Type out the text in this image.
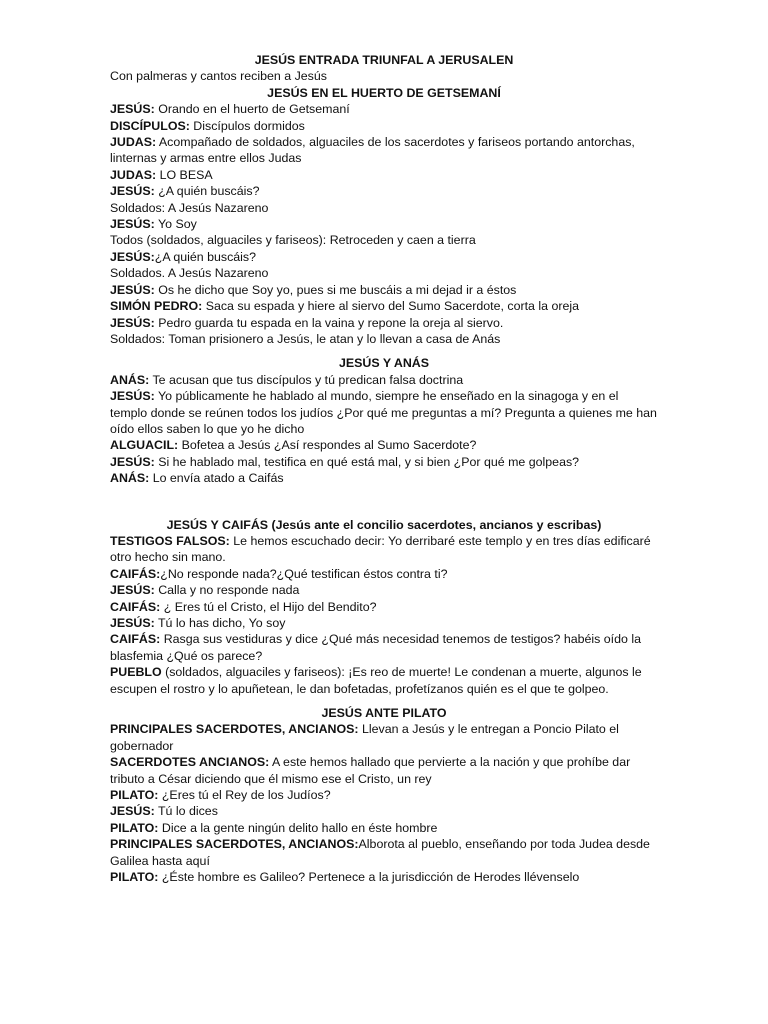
JESÚS ENTRADA TRIUNFAL A JERUSALEN

Con palmeras y cantos reciben a Jesús

JESÚS EN EL HUERTO DE GETSEMANÍ

JESÚS: Orando en el huerto de Getsemaní

DISCÍPULOS: Discípulos dormidos

JUDAS: Acompañado de soldados, alguaciles de los sacerdotes y fariseos portando antorchas, linternas y armas entre ellos Judas

JUDAS: LO BESA

JESÚS: ¿A quién buscáis?

Soldados: A Jesús Nazareno

JESÚS: Yo Soy

Todos (soldados, alguaciles y fariseos): Retroceden y caen a tierra

JESÚS:¿A quién buscáis?

Soldados. A Jesús Nazareno

JESÚS: Os he dicho que Soy yo, pues si me buscáis a mi dejad ir a éstos

SIMÓN PEDRO: Saca su espada y hiere al siervo del Sumo Sacerdote, corta la oreja

JESÚS: Pedro guarda tu espada en la vaina y repone la oreja al siervo.

Soldados: Toman prisionero a Jesús, le atan y lo llevan a casa de Anás

JESÚS Y ANÁS

ANÁS: Te acusan que tus discípulos y tú predican falsa doctrina

JESÚS: Yo públicamente he hablado al mundo, siempre he enseñado en la sinagoga y en el templo donde se reúnen todos los judíos ¿Por qué me preguntas a mí? Pregunta a quienes me han oído ellos saben lo que yo he dicho

ALGUACIL: Bofetea a Jesús ¿Así respondes al Sumo Sacerdote?

JESÚS: Si he hablado mal, testifica en qué está mal, y si bien ¿Por qué me golpeas?

ANÁS: Lo envía atado a Caifás

JESÚS Y CAIFÁS (Jesús ante el concilio sacerdotes, ancianos y escribas)

TESTIGOS FALSOS: Le hemos escuchado decir: Yo derribaré este templo y en tres días edificaré otro hecho sin mano.

CAIFÁS:¿No responde nada?¿Qué testifican éstos contra ti?

JESÚS: Calla y no responde nada

CAIFÁS: ¿ Eres tú el Cristo, el Hijo del Bendito?

JESÚS: Tú lo has dicho, Yo soy

CAIFÁS: Rasga sus vestiduras y dice ¿Qué más necesidad tenemos de testigos? habéis oído la blasfemia ¿Qué os parece?

PUEBLO (soldados, alguaciles y fariseos): ¡Es reo de muerte! Le condenan a muerte, algunos le escupen el rostro y lo apuñetean, le dan bofetadas, profetízanos quién es el que te golpeo.

JESÚS ANTE PILATO

PRINCIPALES SACERDOTES, ANCIANOS: Llevan a Jesús y le entregan a Poncio Pilato el gobernador

SACERDOTES ANCIANOS: A este hemos hallado que pervierte a la nación y que prohíbe dar tributo a César diciendo que él mismo ese el Cristo, un rey

PILATO: ¿Eres tú el Rey de los Judíos?

JESÚS: Tú lo dices

PILATO: Dice a la gente ningún delito hallo en éste hombre

PRINCIPALES SACERDOTES, ANCIANOS:Alborota al pueblo, enseñando por toda Judea desde Galilea hasta aquí

PILATO: ¿Éste hombre es Galileo? Pertenece a la jurisdicción de Herodes llévenselo
